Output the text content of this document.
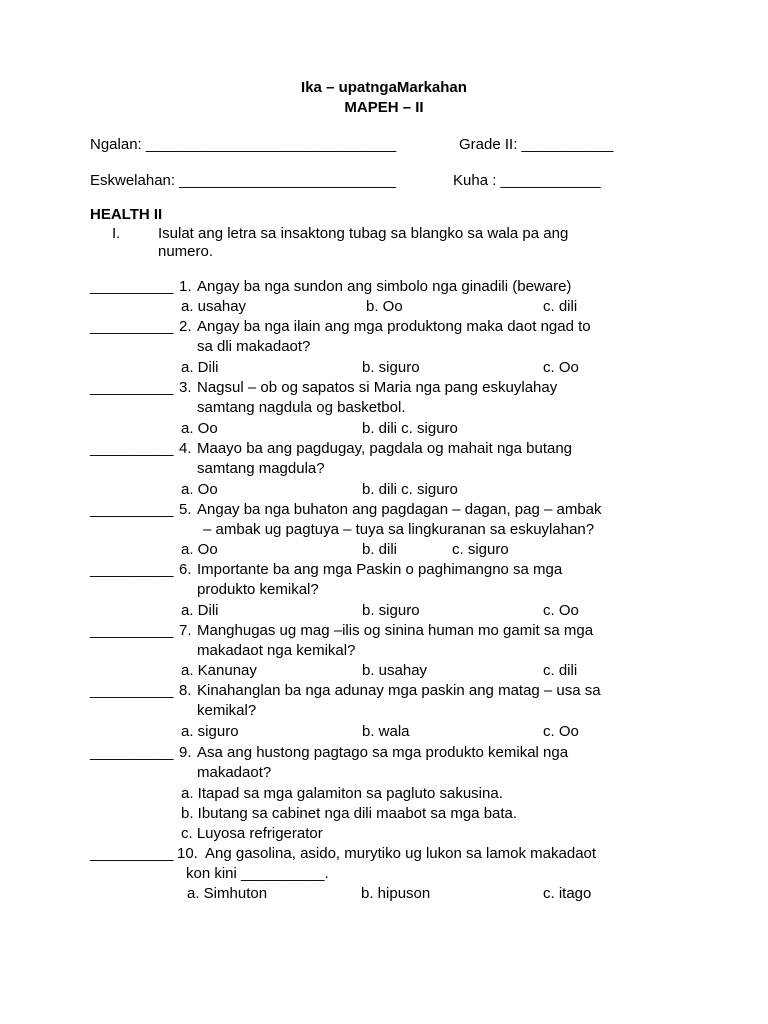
Ika – upatngaMarkahan
MAPEH – II
Ngalan: ______________________________	Grade II: ___________
Eskwelahan: __________________________	Kuha : ____________
HEALTH II
I.	Isulat ang letra sa insaktong tubag sa blangko sa wala pa ang
numero.
__________ 1. Angay ba nga sundon ang simbolo nga ginadili (beware)
a. usahay	b. Oo	c. dili
__________ 2. Angay ba nga ilain ang mga produktong maka daot ngad to
sa dli makadaot?
a. Dili	b. siguro	c. Oo
__________ 3. Nagsul – ob og sapatos si Maria nga pang eskuylahay
samtang nagdula og basketbol.
a. Oo	b. dili c. siguro
__________ 4. Maayo ba ang pagdugay, pagdala og mahait nga butang
samtang magdula?
a. Oo	b. dili c. siguro
__________ 5. Angay ba nga buhaton ang pagdagan – dagan, pag – ambak
– ambak ug pagtuya – tuya sa lingkuranan sa eskuylahan?
a. Oo	b. dili	c. siguro
__________ 6. Importante ba ang mga Paskin o paghimangno sa mga
produkto kemikal?
a. Dili	b. siguro	c. Oo
__________ 7. Manghugas ug mag –ilis og sinina human mo gamit sa mga
makadaot nga kemikal?
a. Kanunay	b. usahay	c. dili
__________ 8. Kinahanglan ba nga adunay mga paskin ang matag – usa sa
kemikal?
a. siguro	b. wala	c. Oo
__________ 9. Asa ang hustong pagtago sa mga produkto kemikal nga
makadaot?
a. Itapad sa mga galamiton sa pagluto sakusina.
b. Ibutang sa cabinet nga dili maabot sa mga bata.
c. Luyosa refrigerator
__________ 10. Ang gasolina, asido, murytiko ug lukon sa lamok makadaot
kon kini __________.
a. Simhuton	b. hipuson	c. itago
